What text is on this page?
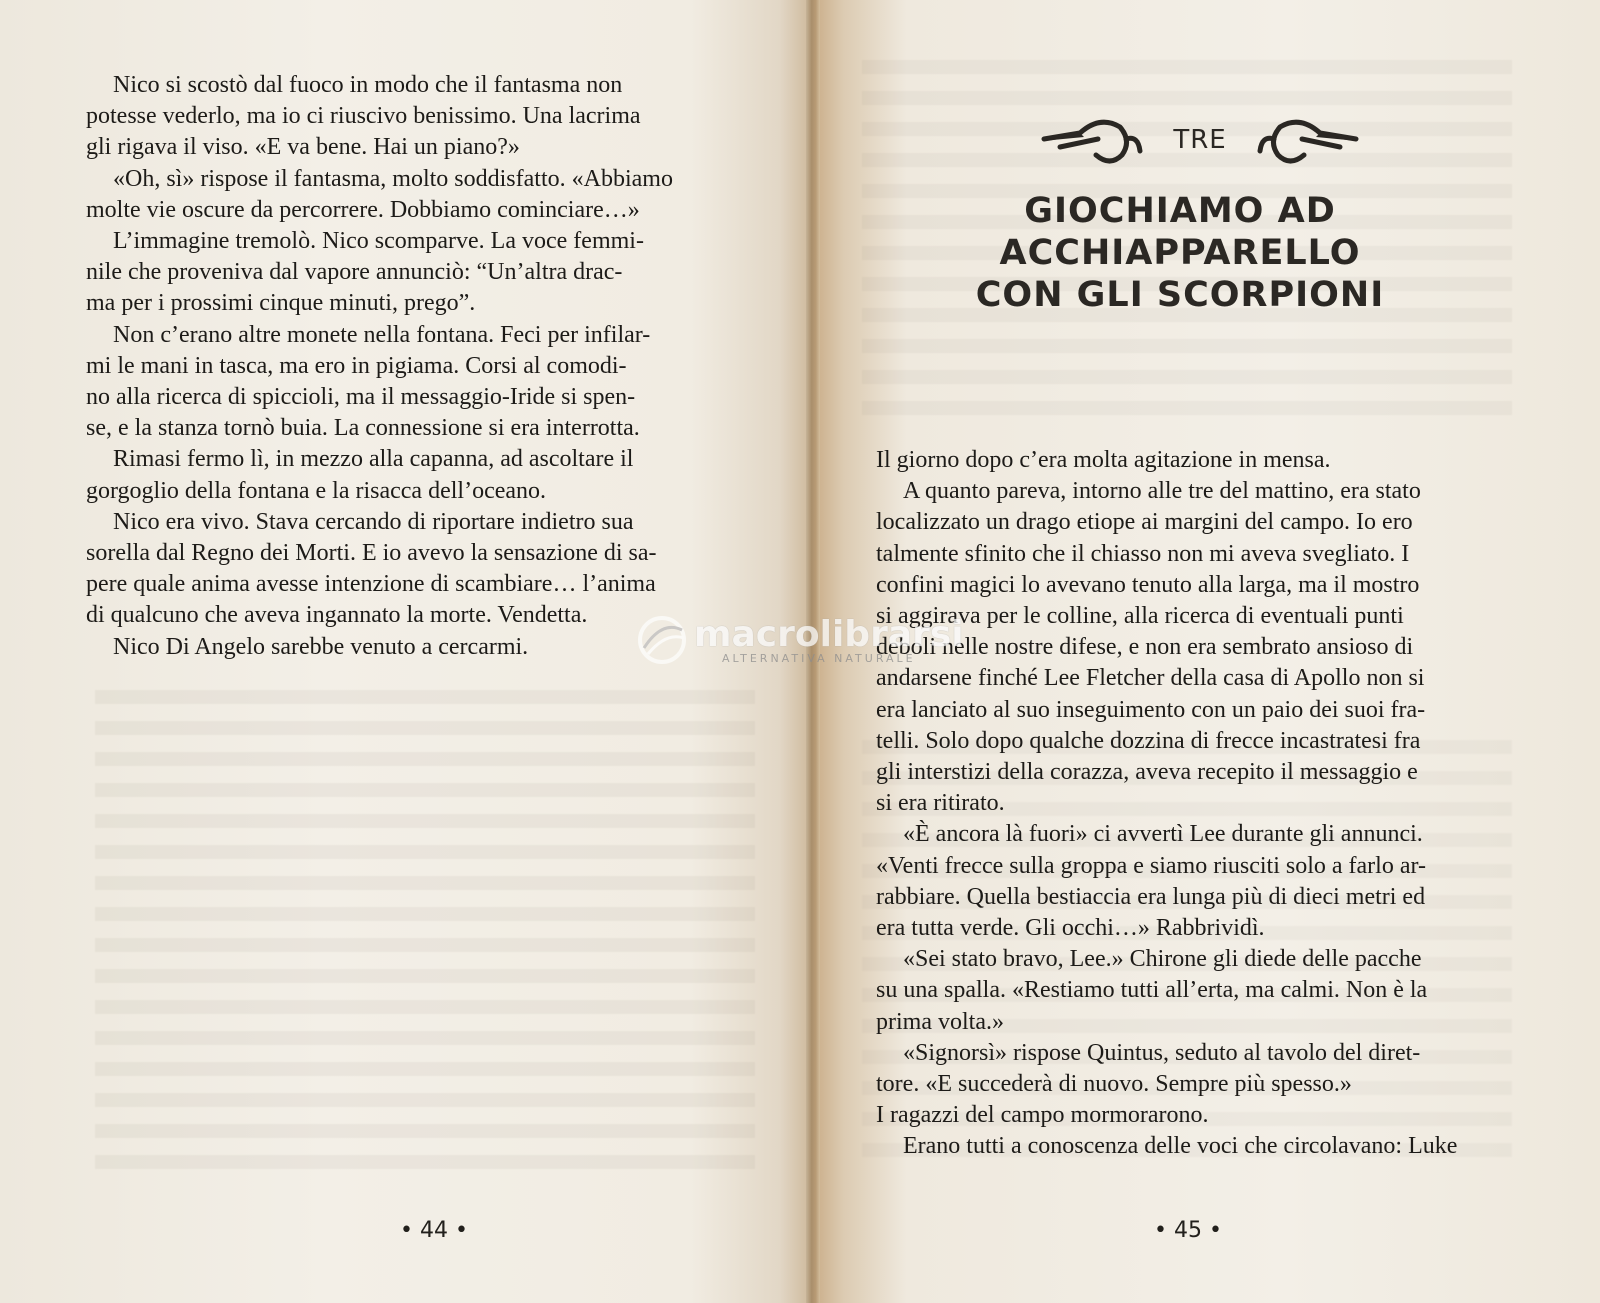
Nico si scostò dal fuoco in modo che il fantasma non

potesse vederlo, ma io ci riuscivo benissimo. Una lacrima

gli rigava il viso. «E va bene. Hai un piano?»

«Oh, sì» rispose il fantasma, molto soddisfatto. «Abbiamo

molte vie oscure da percorrere. Dobbiamo cominciare…»

L’immagine tremolò. Nico scomparve. La voce femmi-

nile che proveniva dal vapore annunciò: “Un’altra drac-

ma per i prossimi cinque minuti, prego”.

Non c’erano altre monete nella fontana. Feci per infilar-

mi le mani in tasca, ma ero in pigiama. Corsi al comodi-

no alla ricerca di spiccioli, ma il messaggio-Iride si spen-

se, e la stanza tornò buia. La connessione si era interrotta.

Rimasi fermo lì, in mezzo alla capanna, ad ascoltare il

gorgoglio della fontana e la risacca dell’oceano.

Nico era vivo. Stava cercando di riportare indietro sua

sorella dal Regno dei Morti. E io avevo la sensazione di sa-

pere quale anima avesse intenzione di scambiare… l’anima

di qualcuno che aveva ingannato la morte. Vendetta.

Nico Di Angelo sarebbe venuto a cercarmi.

• 44 •
TRE
GIOCHIAMO AD
ACCHIAPPARELLO
CON GLI SCORPIONI

Il giorno dopo c’era molta agitazione in mensa.

A quanto pareva, intorno alle tre del mattino, era stato

localizzato un drago etiope ai margini del campo. Io ero

talmente sfinito che il chiasso non mi aveva svegliato. I

confini magici lo avevano tenuto alla larga, ma il mostro

si aggirava per le colline, alla ricerca di eventuali punti

deboli nelle nostre difese, e non era sembrato ansioso di

andarsene finché Lee Fletcher della casa di Apollo non si

era lanciato al suo inseguimento con un paio dei suoi fra-

telli. Solo dopo qualche dozzina di frecce incastratesi fra

gli interstizi della corazza, aveva recepito il messaggio e

si era ritirato.

«È ancora là fuori» ci avvertì Lee durante gli annunci.

«Venti frecce sulla groppa e siamo riusciti solo a farlo ar-

rabbiare. Quella bestiaccia era lunga più di dieci metri ed

era tutta verde. Gli occhi…» Rabbrividì.

«Sei stato bravo, Lee.» Chirone gli diede delle pacche

su una spalla. «Restiamo tutti all’erta, ma calmi. Non è la

prima volta.»

«Signorsì» rispose Quintus, seduto al tavolo del diret-

tore. «E succederà di nuovo. Sempre più spesso.»

I ragazzi del campo mormorarono.

Erano tutti a conoscenza delle voci che circolavano: Luke

• 45 •
macrolibrarsi
ALTERNATIVA NATURALE
